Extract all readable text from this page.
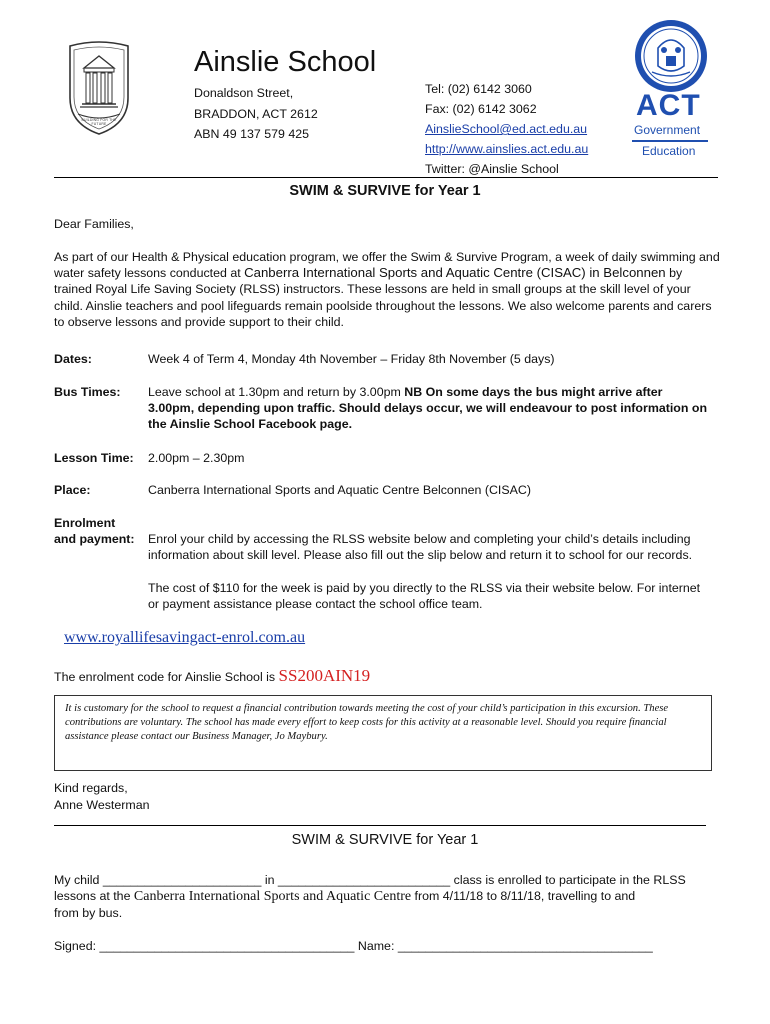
BUILDING FOR THE FUTURE
Ainslie School
Donaldson Street,
BRADDON, ACT 2612
ABN 49 137 579 425
Tel: (02) 6142 3060
Fax: (02) 6142 3062
AinslieSchool@ed.act.edu.au
http://www.ainslies.act.edu.au
Twitter: @Ainslie School
ACT
Government
Education
SWIM & SURVIVE for Year 1
Dear Families,
As part of our Health & Physical education program, we offer the Swim & Survive Program, a week of daily swimming and water safety lessons conducted at Canberra International Sports and Aquatic Centre (CISAC) in Belconnen by trained Royal Life Saving Society (RLSS) instructors. These lessons are held in small groups at the skill level of your child. Ainslie teachers and pool lifeguards remain poolside throughout the lessons. We also welcome parents and carers to observe lessons and provide support to their child.
Dates:	Week 4 of Term 4, Monday 4th November – Friday 8th November (5 days)
Bus Times: Leave school at 1.30pm and return by 3.00pm NB On some days the bus might arrive after 3.00pm, depending upon traffic. Should delays occur, we will endeavour to post information on the Ainslie School Facebook page.
Lesson Time: 2.00pm – 2.30pm
Place:	Canberra International Sports and Aquatic Centre Belconnen (CISAC)
Enrolment
and payment: Enrol your child by accessing the RLSS website below and completing your child’s details including information about skill level. Please also fill out the slip below and return it to school for our records.
The cost of $110 for the week is paid by you directly to the RLSS via their website below. For internet or payment assistance please contact the school office team.
www.royallifesavingact-enrol.com.au
The enrolment code for Ainslie School is SS200AIN19
It is customary for the school to request a financial contribution towards meeting the cost of your child’s participation in this excursion. These contributions are voluntary. The school has made every effort to keep costs for this activity at a reasonable level. Should you require financial assistance please contact our Business Manager, Jo Maybury.
Kind regards,
Anne Westerman
SWIM & SURVIVE for Year 1
My child _______________________ in _________________________ class is enrolled to participate in the RLSS
lessons at the Canberra International Sports and Aquatic Centre from 4/11/18 to 8/11/18, travelling to and
from by bus.
Signed: _____________________________________ Name: _____________________________________
